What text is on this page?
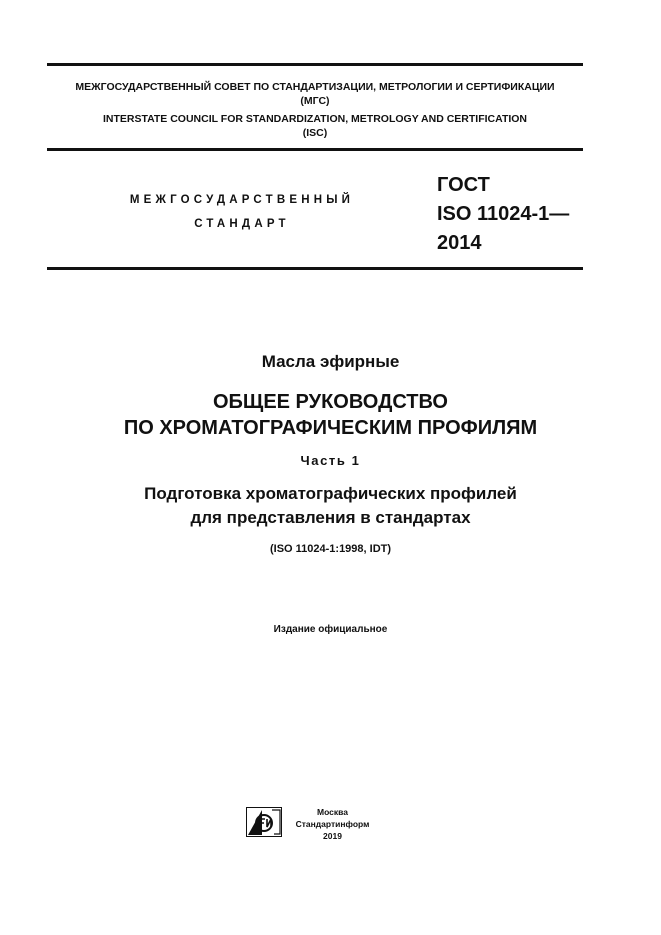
МЕЖГОСУДАРСТВЕННЫЙ СОВЕТ ПО СТАНДАРТИЗАЦИИ, МЕТРОЛОГИИ И СЕРТИФИКАЦИИ
(МГС)
INTERSTATE COUNCIL FOR STANDARDIZATION, METROLOGY AND CERTIFICATION
(ISC)
МЕЖГОСУДАРСТВЕННЫЙ
СТАНДАРТ
ГОСТ
ISO 11024-1—
2014
Масла эфирные
ОБЩЕЕ РУКОВОДСТВО
ПО ХРОМАТОГРАФИЧЕСКИМ ПРОФИЛЯМ
Часть 1
Подготовка хроматографических профилей
для представления в стандартах
(ISO 11024-1:1998, IDT)
Издание официальное
Москва
Стандартинформ
2019
